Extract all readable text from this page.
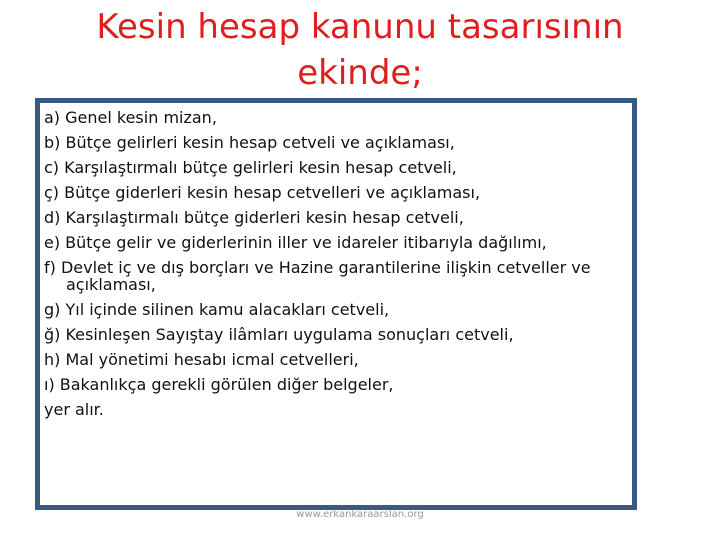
Kesin hesap kanunu tasarısının ekinde;
a) Genel kesin mizan,
b) Bütçe gelirleri kesin hesap cetveli ve açıklaması,
c) Karşılaştırmalı bütçe gelirleri kesin hesap cetveli,
ç) Bütçe giderleri kesin hesap cetvelleri ve açıklaması,
d) Karşılaştırmalı bütçe giderleri kesin hesap cetveli,
e) Bütçe gelir ve giderlerinin iller ve idareler itibarıyla dağılımı,
f) Devlet iç ve dış borçları ve Hazine garantilerine ilişkin cetveller ve açıklaması,
g) Yıl içinde silinen kamu alacakları cetveli,
ğ) Kesinleşen Sayıştay ilâmları uygulama sonuçları cetveli,
h) Mal yönetimi hesabı icmal cetvelleri,
ı) Bakanlıkça gerekli görülen diğer belgeler,
yer alır.
www.erkankaraarslan.org
